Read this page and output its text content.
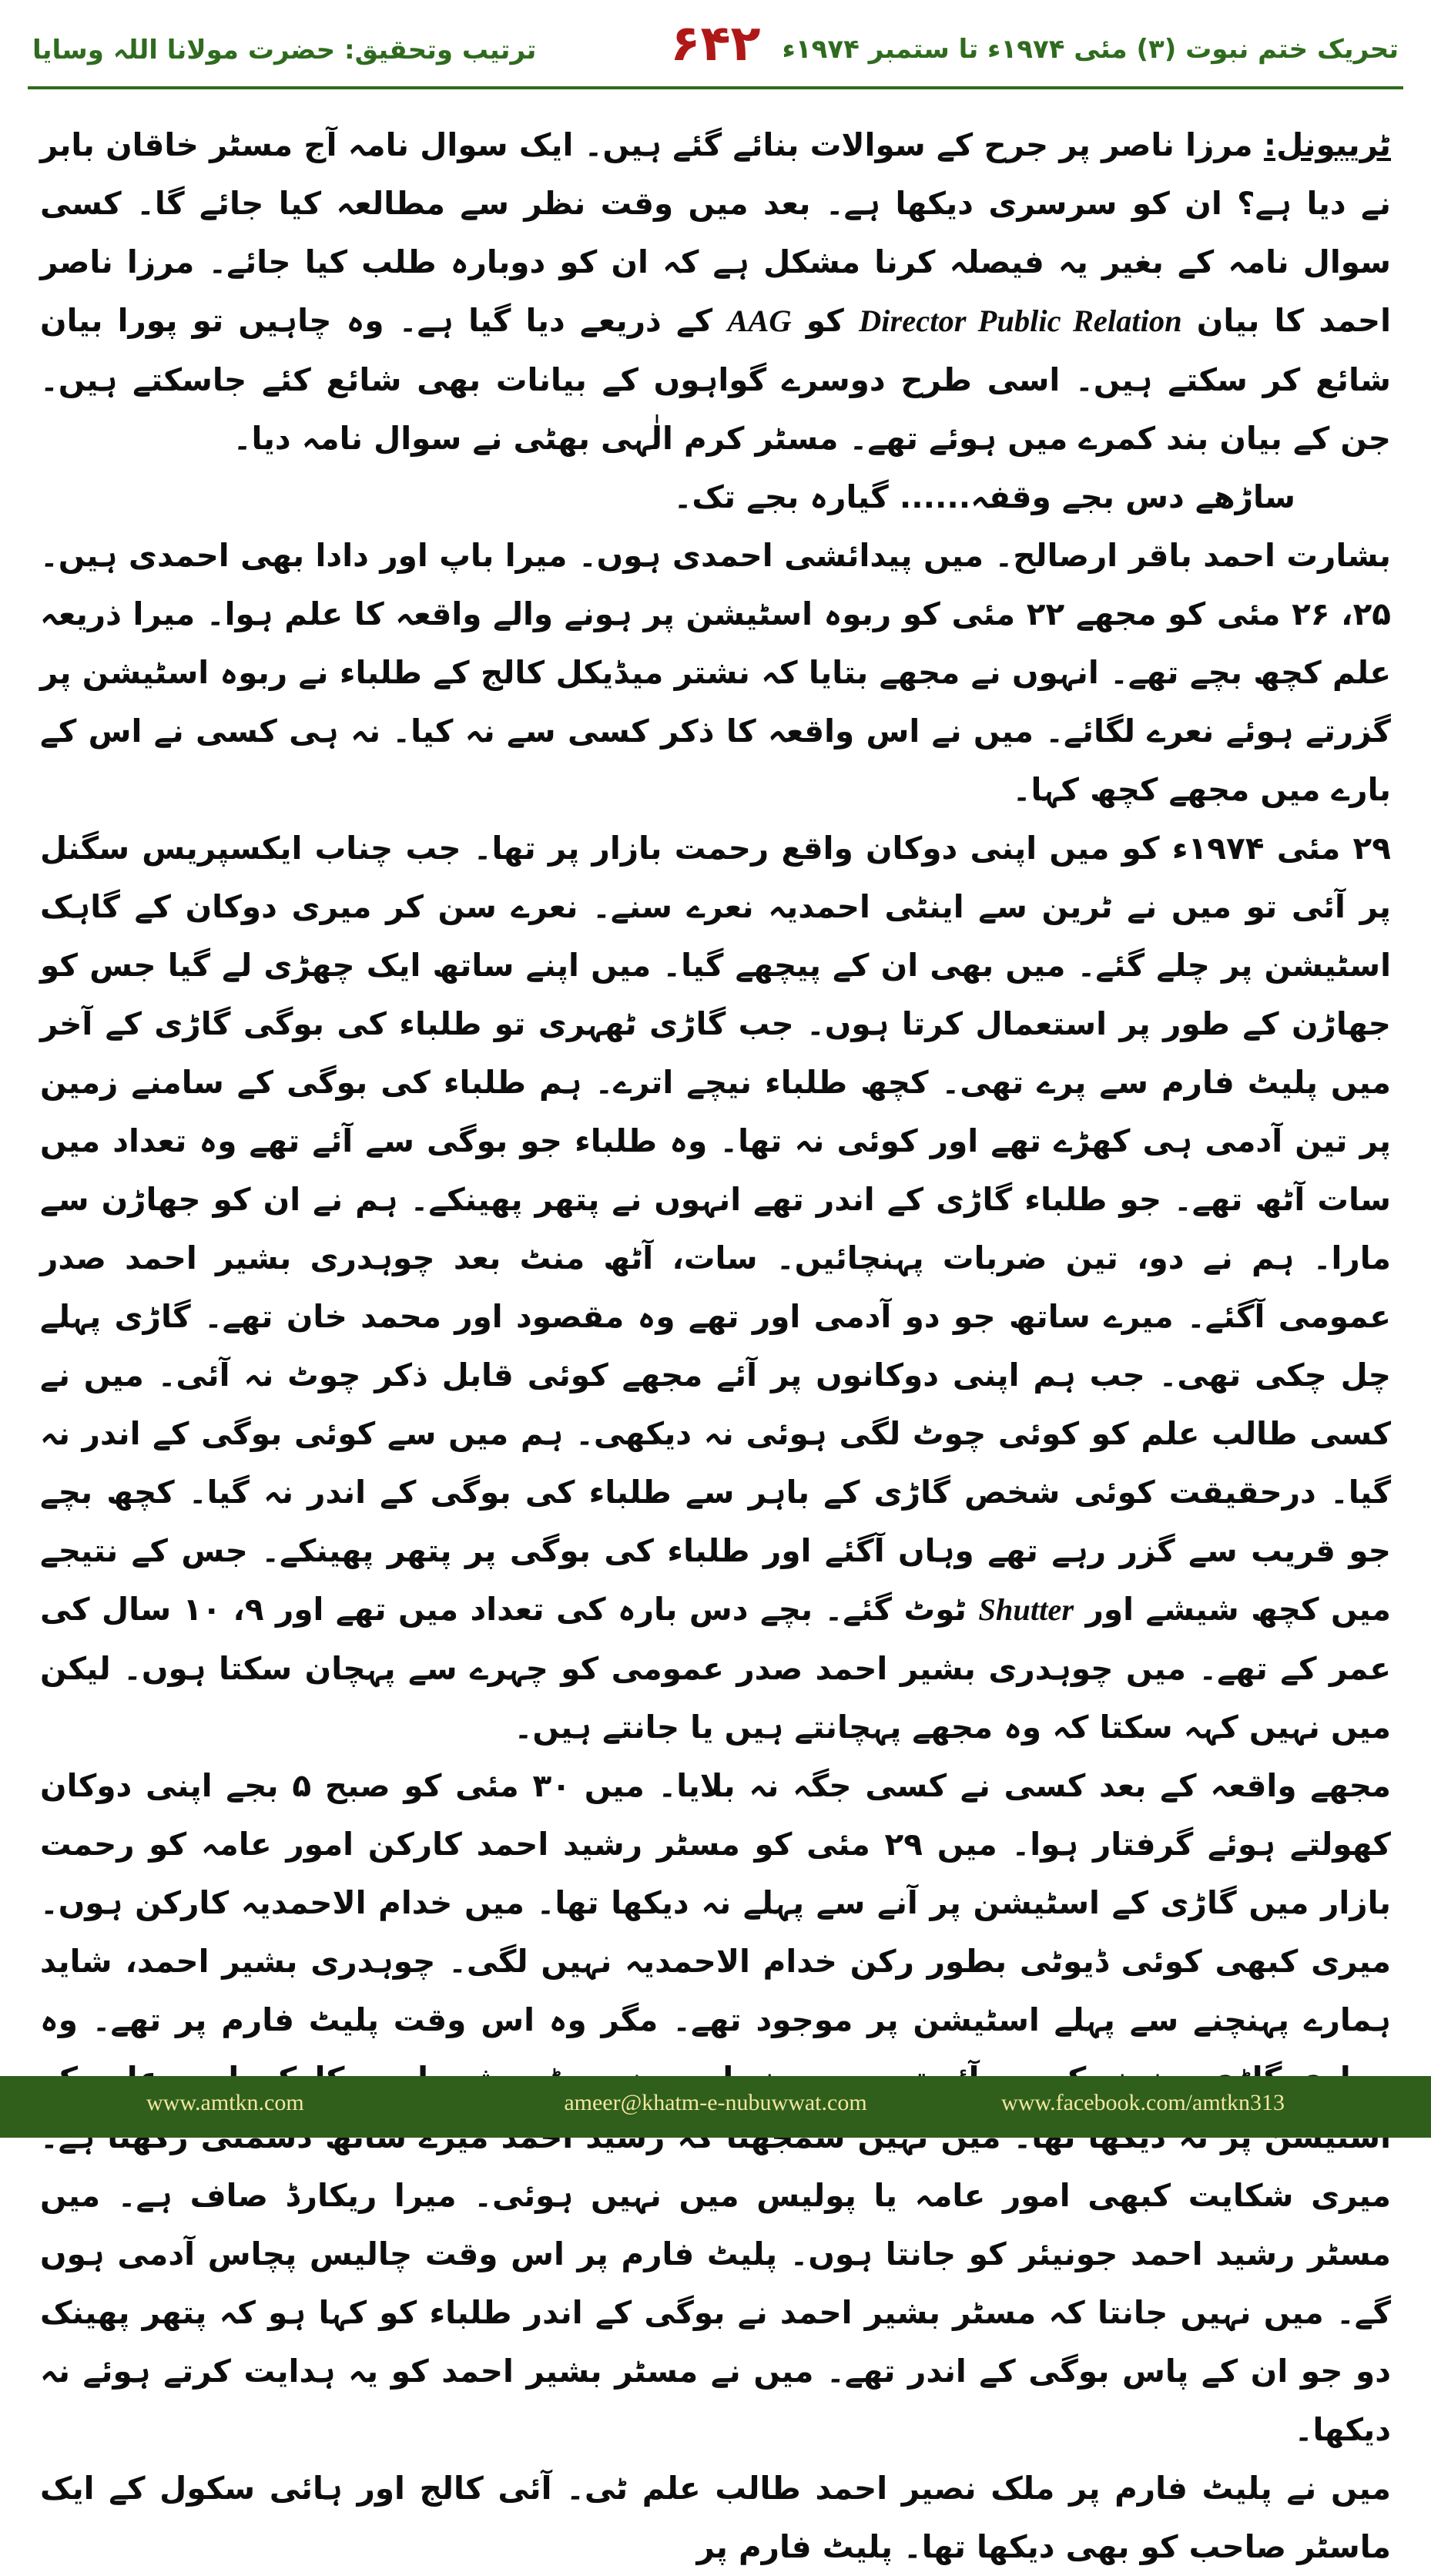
ترتیب وتحقیق: حضرت مولانا اللہ وسایا	۶۴۲ تحریک ختم نبوت (۳) مئی ۱۹۷۴ء تا ستمبر ۱۹۷۴ء

ٹریبونل: مرزا ناصر پر جرح کے سوالات بنائے گئے ہیں۔ ایک سوال نامہ آج مسٹر خاقان بابر نے دیا ہے؟ ان کو سرسری دیکھا ہے۔ بعد میں وقت نظر سے مطالعہ کیا جائے گا۔ کسی سوال نامہ کے بغیر یہ فیصلہ کرنا مشکل ہے کہ ان کو دوبارہ طلب کیا جائے۔ مرزا ناصر احمد کا بیان Director Public Relation کو AAG کے ذریعے دیا گیا ہے۔ وہ چاہیں تو پورا بیان شائع کر سکتے ہیں۔ اسی طرح دوسرے گواہوں کے بیانات بھی شائع کئے جاسکتے ہیں۔ جن کے بیان بند کمرے میں ہوئے تھے۔ مسٹر کرم الٰہی بھٹی نے سوال نامہ دیا۔

ساڑھے دس بجے وقفہ...... گیارہ بجے تک۔

بشارت احمد باقر ارصالح۔ میں پیدائشی احمدی ہوں۔ میرا باپ اور دادا بھی احمدی ہیں۔ ۲۵، ۲۶ مئی کو مجھے ۲۲ مئی کو ربوہ اسٹیشن پر ہونے والے واقعہ کا علم ہوا۔ میرا ذریعہ علم کچھ بچے تھے۔ انہوں نے مجھے بتایا کہ نشتر میڈیکل کالج کے طلباء نے ربوہ اسٹیشن پر گزرتے ہوئے نعرے لگائے۔ میں نے اس واقعہ کا ذکر کسی سے نہ کیا۔ نہ ہی کسی نے اس کے بارے میں مجھے کچھ کہا۔

۲۹ مئی ۱۹۷۴ء کو میں اپنی دوکان واقع رحمت بازار پر تھا۔ جب چناب ایکسپریس سگنل پر آئی تو میں نے ٹرین سے اینٹی احمدیہ نعرے سنے۔ نعرے سن کر میری دوکان کے گاہک اسٹیشن پر چلے گئے۔ میں بھی ان کے پیچھے گیا۔ میں اپنے ساتھ ایک چھڑی لے گیا جس کو جھاڑن کے طور پر استعمال کرتا ہوں۔ جب گاڑی ٹھہری تو طلباء کی بوگی گاڑی کے آخر میں پلیٹ فارم سے پرے تھی۔ کچھ طلباء نیچے اترے۔ ہم طلباء کی بوگی کے سامنے زمین پر تین آدمی ہی کھڑے تھے اور کوئی نہ تھا۔ وہ طلباء جو بوگی سے آئے تھے وہ تعداد میں سات آٹھ تھے۔ جو طلباء گاڑی کے اندر تھے انہوں نے پتھر پھینکے۔ ہم نے ان کو جھاڑن سے مارا۔ ہم نے دو، تین ضربات پہنچائیں۔ سات، آٹھ منٹ بعد چوہدری بشیر احمد صدر عمومی آگئے۔ میرے ساتھ جو دو آدمی اور تھے وہ مقصود اور محمد خان تھے۔ گاڑی پہلے چل چکی تھی۔ جب ہم اپنی دوکانوں پر آئے مجھے کوئی قابل ذکر چوٹ نہ آئی۔ میں نے کسی طالب علم کو کوئی چوٹ لگی ہوئی نہ دیکھی۔ ہم میں سے کوئی بوگی کے اندر نہ گیا۔ درحقیقت کوئی شخص گاڑی کے باہر سے طلباء کی بوگی کے اندر نہ گیا۔ کچھ بچے جو قریب سے گزر رہے تھے وہاں آگئے اور طلباء کی بوگی پر پتھر پھینکے۔ جس کے نتیجے میں کچھ شیشے اور Shutter ٹوٹ گئے۔ بچے دس بارہ کی تعداد میں تھے اور ۹، ۱۰ سال کی عمر کے تھے۔ میں چوہدری بشیر احمد صدر عمومی کو چہرے سے پہچان سکتا ہوں۔ لیکن میں نہیں کہہ سکتا کہ وہ مجھے پہچانتے ہیں یا جانتے ہیں۔

مجھے واقعہ کے بعد کسی نے کسی جگہ نہ بلایا۔ میں ۳۰ مئی کو صبح ۵ بجے اپنی دوکان کھولتے ہوئے گرفتار ہوا۔ میں ۲۹ مئی کو مسٹر رشید احمد کارکن امور عامہ کو رحمت بازار میں گاڑی کے اسٹیشن پر آنے سے پہلے نہ دیکھا تھا۔ میں خدام الاحمدیہ کارکن ہوں۔ میری کبھی کوئی ڈیوٹی بطور رکن خدام الاحمدیہ نہیں لگی۔ چوہدری بشیر احمد، شاید ہمارے پہنچنے سے پہلے اسٹیشن پر موجود تھے۔ مگر وہ اس وقت پلیٹ فارم پر تھے۔ وہ میری شکایت کبھی امور عامہ یا پولیس میں نہیں ہوئی۔ میرا ریکارڈ صاف ہے۔ میں مسٹر رشید احمد جونیئر کو جانتا ہوں۔ پلیٹ فارم پر اس وقت چالیس پچاس آدمی ہوں گے۔ میں نہیں جانتا کہ مسٹر بشیر احمد نے بوگی کے اندر طلباء کو کہا ہو کہ پتھر پھینک دو جو ان کے پاس بوگی کے اندر تھے۔ میں نے مسٹر بشیر احمد کو یہ ہدایت کرتے ہوئے نہ دیکھا۔

میں نے پلیٹ فارم پر ملک نصیر احمد طالب علم ٹی۔ آئی کالج اور ہائی سکول کے ایک ماسٹر صاحب کو بھی دیکھا تھا۔ پلیٹ فارم پر

www.amtkn.com	ameer@khatm-e-nubuwwat.com	www.facebook.com/amtkn313
